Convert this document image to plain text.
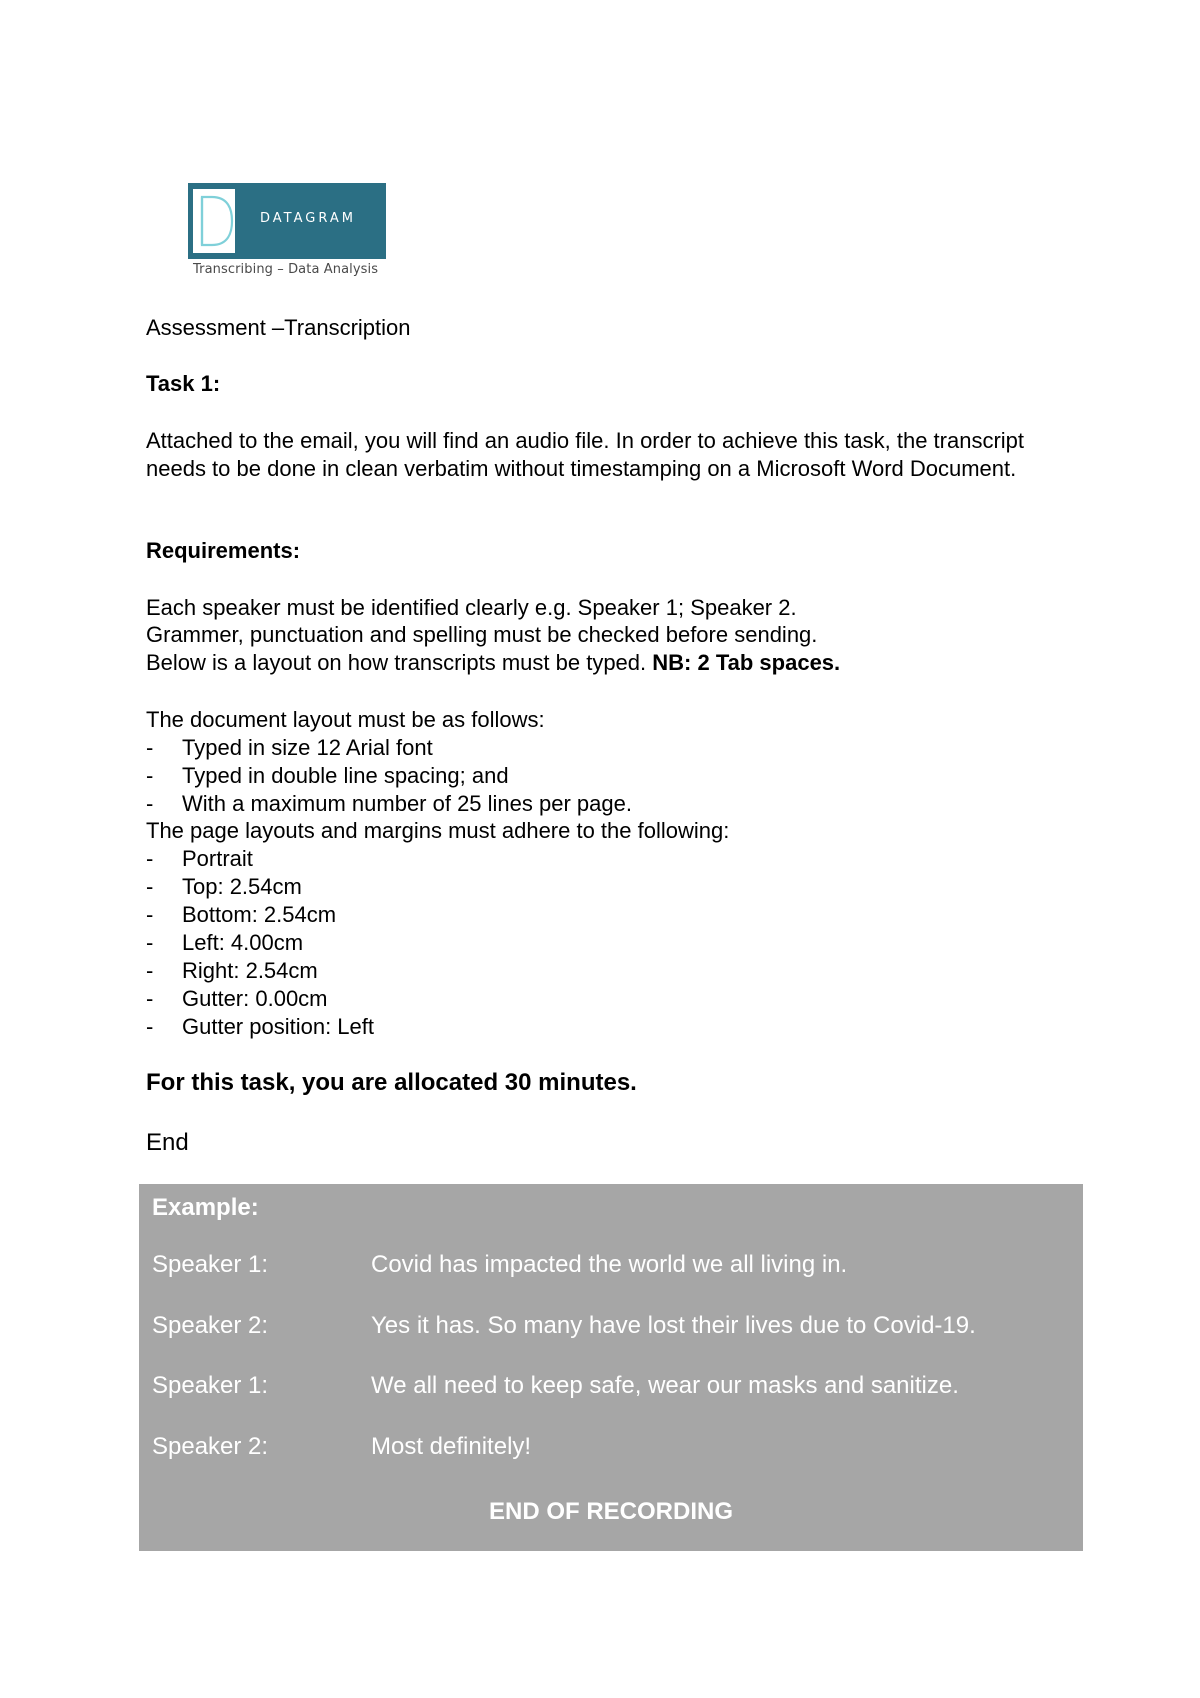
DATAGRAM
Transcribing – Data Analysis
Assessment –Transcription
Task 1:
Attached to the email, you will find an audio file. In order to achieve this task, the transcript needs to be done in clean verbatim without timestamping on a Microsoft Word Document.
Requirements:
Each speaker must be identified clearly e.g. Speaker 1; Speaker 2.
Grammer, punctuation and spelling must be checked before sending.
Below is a layout on how transcripts must be typed. NB: 2 Tab spaces.
The document layout must be as follows:
- Typed in size 12 Arial font
- Typed in double line spacing; and
- With a maximum number of 25 lines per page.
The page layouts and margins must adhere to the following:
- Portrait
- Top: 2.54cm
- Bottom: 2.54cm
- Left: 4.00cm
- Right: 2.54cm
- Gutter: 0.00cm
- Gutter position: Left
For this task, you are allocated 30 minutes.
End
Example:
Speaker 1:	Covid has impacted the world we all living in.
Speaker 2:	Yes it has. So many have lost their lives due to Covid-19.
Speaker 1:	We all need to keep safe, wear our masks and sanitize.
Speaker 2:	Most definitely!
END OF RECORDING
